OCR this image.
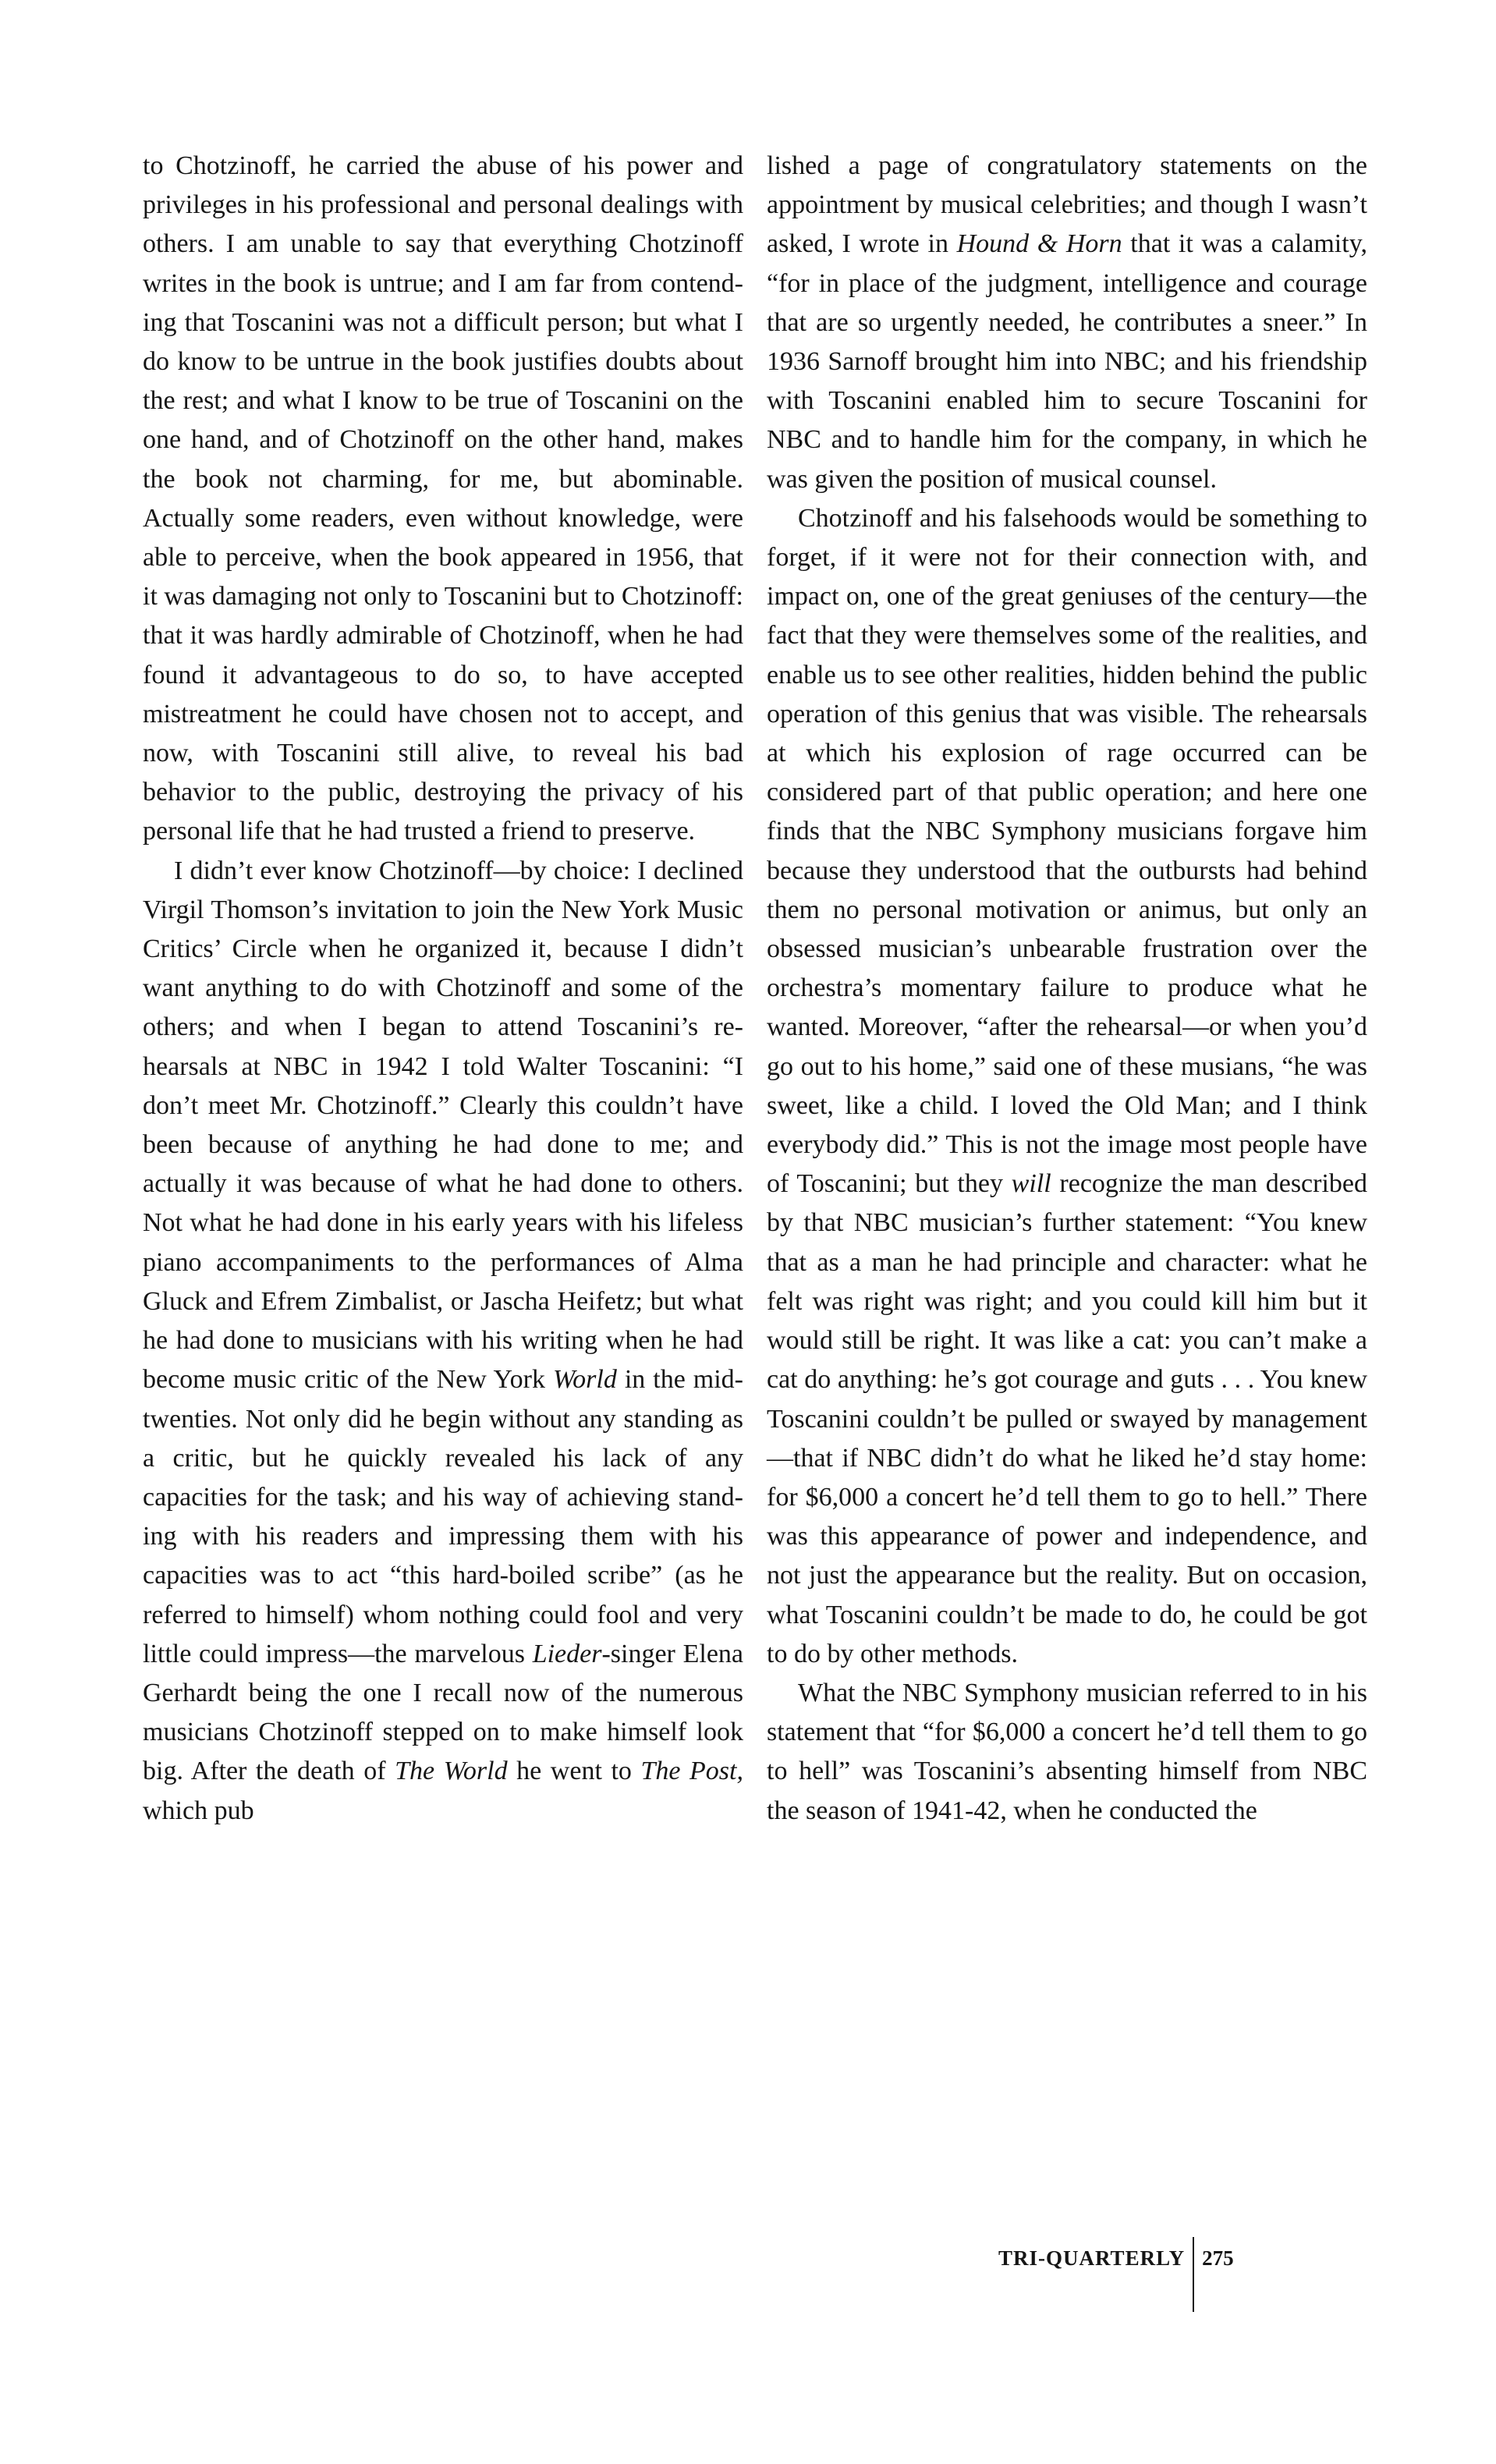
to Chotzinoff, he carried the abuse of his power and privileges in his professional and personal dealings with others. I am unable to say that everything Chotzinoff writes in the book is untrue; and I am far from contending that Toscanini was not a difficult person; but what I do know to be untrue in the book justifies doubts about the rest; and what I know to be true of Toscanini on the one hand, and of Chotzinoff on the other hand, makes the book not charming, for me, but abominable. Actually some readers, even without knowledge, were able to perceive, when the book appeared in 1956, that it was damaging not only to Toscanini but to Chotzinoff: that it was hardly admirable of Chotzinoff, when he had found it advantageous to do so, to have accepted mistreatment he could have chosen not to accept, and now, with Toscanini still alive, to reveal his bad behavior to the public, destroying the privacy of his personal life that he had trusted a friend to preserve.

I didn’t ever know Chotzinoff—by choice: I declined Virgil Thomson’s invitation to join the New York Music Critics’ Circle when he organized it, because I didn’t want anything to do with Chotzinoff and some of the others; and when I began to attend Toscanini’s rehearsals at NBC in 1942 I told Walter Toscanini: “I don’t meet Mr. Chotzinoff.” Clearly this couldn’t have been because of anything he had done to me; and actually it was because of what he had done to others. Not what he had done in his early years with his lifeless piano accompaniments to the performances of Alma Gluck and Efrem Zimbalist, or Jascha Heifetz; but what he had done to musicians with his writing when he had become music critic of the New York World in the mid-twenties. Not only did he begin without any standing as a critic, but he quickly revealed his lack of any capacities for the task; and his way of achieving standing with his readers and impressing them with his capacities was to act “this hard-boiled scribe” (as he referred to himself) whom nothing could fool and very little could impress—the marvelous Lieder-singer Elena Gerhardt being the one I recall now of the numerous musicians Chotzinoff stepped on to make himself look big. After the death of The World he went to The Post, which pub

lished a page of congratulatory statements on the appointment by musical celebrities; and though I wasn’t asked, I wrote in Hound & Horn that it was a calamity, “for in place of the judgment, intelligence and courage that are so urgently needed, he contributes a sneer.” In 1936 Sarnoff brought him into NBC; and his friendship with Toscanini enabled him to secure Toscanini for NBC and to handle him for the company, in which he was given the position of musical counsel.

Chotzinoff and his falsehoods would be something to forget, if it were not for their connection with, and impact on, one of the great geniuses of the century—the fact that they were themselves some of the realities, and enable us to see other realities, hidden behind the public operation of this genius that was visible. The rehearsals at which his explosion of rage occurred can be considered part of that public operation; and here one finds that the NBC Symphony musicians forgave him because they understood that the outbursts had behind them no personal motivation or animus, but only an obsessed musician’s unbearable frustration over the orchestra’s momentary failure to produce what he wanted. Moreover, “after the rehearsal—or when you’d go out to his home,” said one of these musians, “he was sweet, like a child. I loved the Old Man; and I think everybody did.” This is not the image most people have of Toscanini; but they will recognize the man described by that NBC musician’s further statement: “You knew that as a man he had principle and character: what he felt was right was right; and you could kill him but it would still be right. It was like a cat: you can’t make a cat do anything: he’s got courage and guts . . . You knew Toscanini couldn’t be pulled or swayed by management—that if NBC didn’t do what he liked he’d stay home: for $6,000 a concert he’d tell them to go to hell.” There was this appearance of power and independence, and not just the appearance but the reality. But on occasion, what Toscanini couldn’t be made to do, he could be got to do by other methods.

What the NBC Symphony musician referred to in his statement that “for $6,000 a concert he’d tell them to go to hell” was Toscanini’s absenting himself from NBC the season of 1941-42, when he conducted the

TRI-QUARTERLY 275
